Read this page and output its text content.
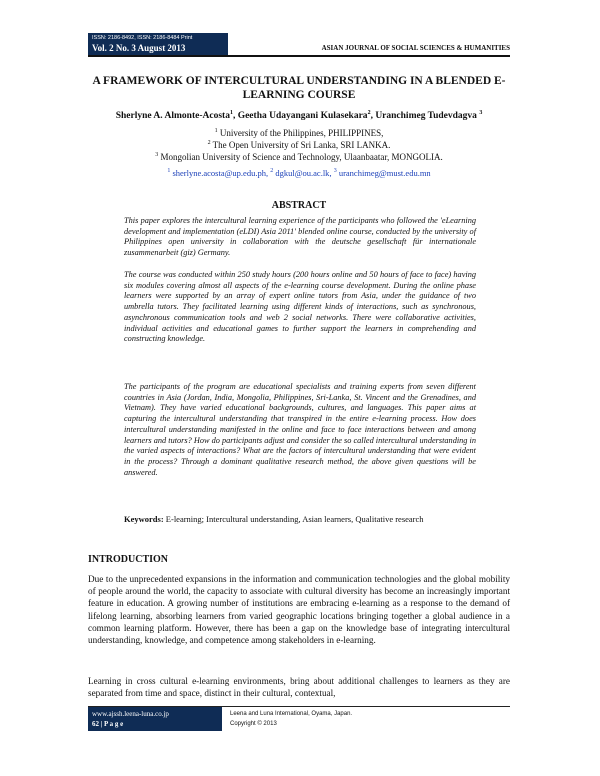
ISSN: 2186-8492, ISSN: 2186-8484 Print
Vol. 2 No. 3 August 2013	ASIAN JOURNAL OF SOCIAL SCIENCES & HUMANITIES
A FRAMEWORK OF INTERCULTURAL UNDERSTANDING IN A BLENDED E-LEARNING COURSE
Sherlyne A. Almonte-Acosta$^1$, Geetha Udayangani Kulasekara$^2$, Uranchimeg Tudevdagva $^3$
$^1$ University of the Philippines, PHILIPPINES,
$^2$ The Open University of Sri Lanka, SRI LANKA.
$^3$ Mongolian University of Science and Technology, Ulaanbaatar, MONGOLIA.
$^1$ sherlyne.acosta@up.edu.ph, $^2$ dgkul@ou.ac.lk, $^3$ uranchimeg@must.edu.mn
ABSTRACT

This paper explores the intercultural learning experience of the participants who followed the 'eLearning development and implementation (eLDI) Asia 2011' blended online course, conducted by the university of Philippines open university in collaboration with the deutsche gesellschaft für internationale zusammenarbeit (giz) Germany.

The course was conducted within 250 study hours (200 hours online and 50 hours of face to face) having six modules covering almost all aspects of the e-learning course development. During the online phase learners were supported by an array of expert online tutors from Asia, under the guidance of two umbrella tutors. They facilitated learning using different kinds of interactions, such as synchronous, asynchronous communication tools and web 2 social networks. There were collaborative activities, individual activities and educational games to further support the learners in comprehending and constructing knowledge.

The participants of the program are educational specialists and training experts from seven different countries in Asia (Jordan, India, Mongolia, Philippines, Sri-Lanka, St. Vincent and the Grenadines, and Vietnam). They have varied educational backgrounds, cultures, and languages. This paper aims at capturing the intercultural understanding that transpired in the entire e-learning process. How does intercultural understanding manifested in the online and face to face interactions between and among learners and tutors? How do participants adjust and consider the so called intercultural understanding in the varied aspects of interactions? What are the factors of intercultural understanding that were evident in the process? Through a dominant qualitative research method, the above given questions will be answered.

Keywords: E-learning; Intercultural understanding, Asian learners, Qualitative research
INTRODUCTION

Due to the unprecedented expansions in the information and communication technologies and the global mobility of people around the world, the capacity to associate with cultural diversity has become an increasingly important feature in education. A growing number of institutions are embracing e-learning as a response to the demand of lifelong learning, absorbing learners from varied geographic locations bringing together a global audience in a common learning platform. However, there has been a gap on the knowledge base of integrating intercultural understanding, knowledge, and competence among stakeholders in e-learning.

Learning in cross cultural e-learning environments, bring about additional challenges to learners as they are separated from time and space, distinct in their cultural, contextual,

www.ajssh.leena-luna.co.jp
62 | P a g e
Leena and Luna International, Oyama, Japan.
Copyright © 2013
